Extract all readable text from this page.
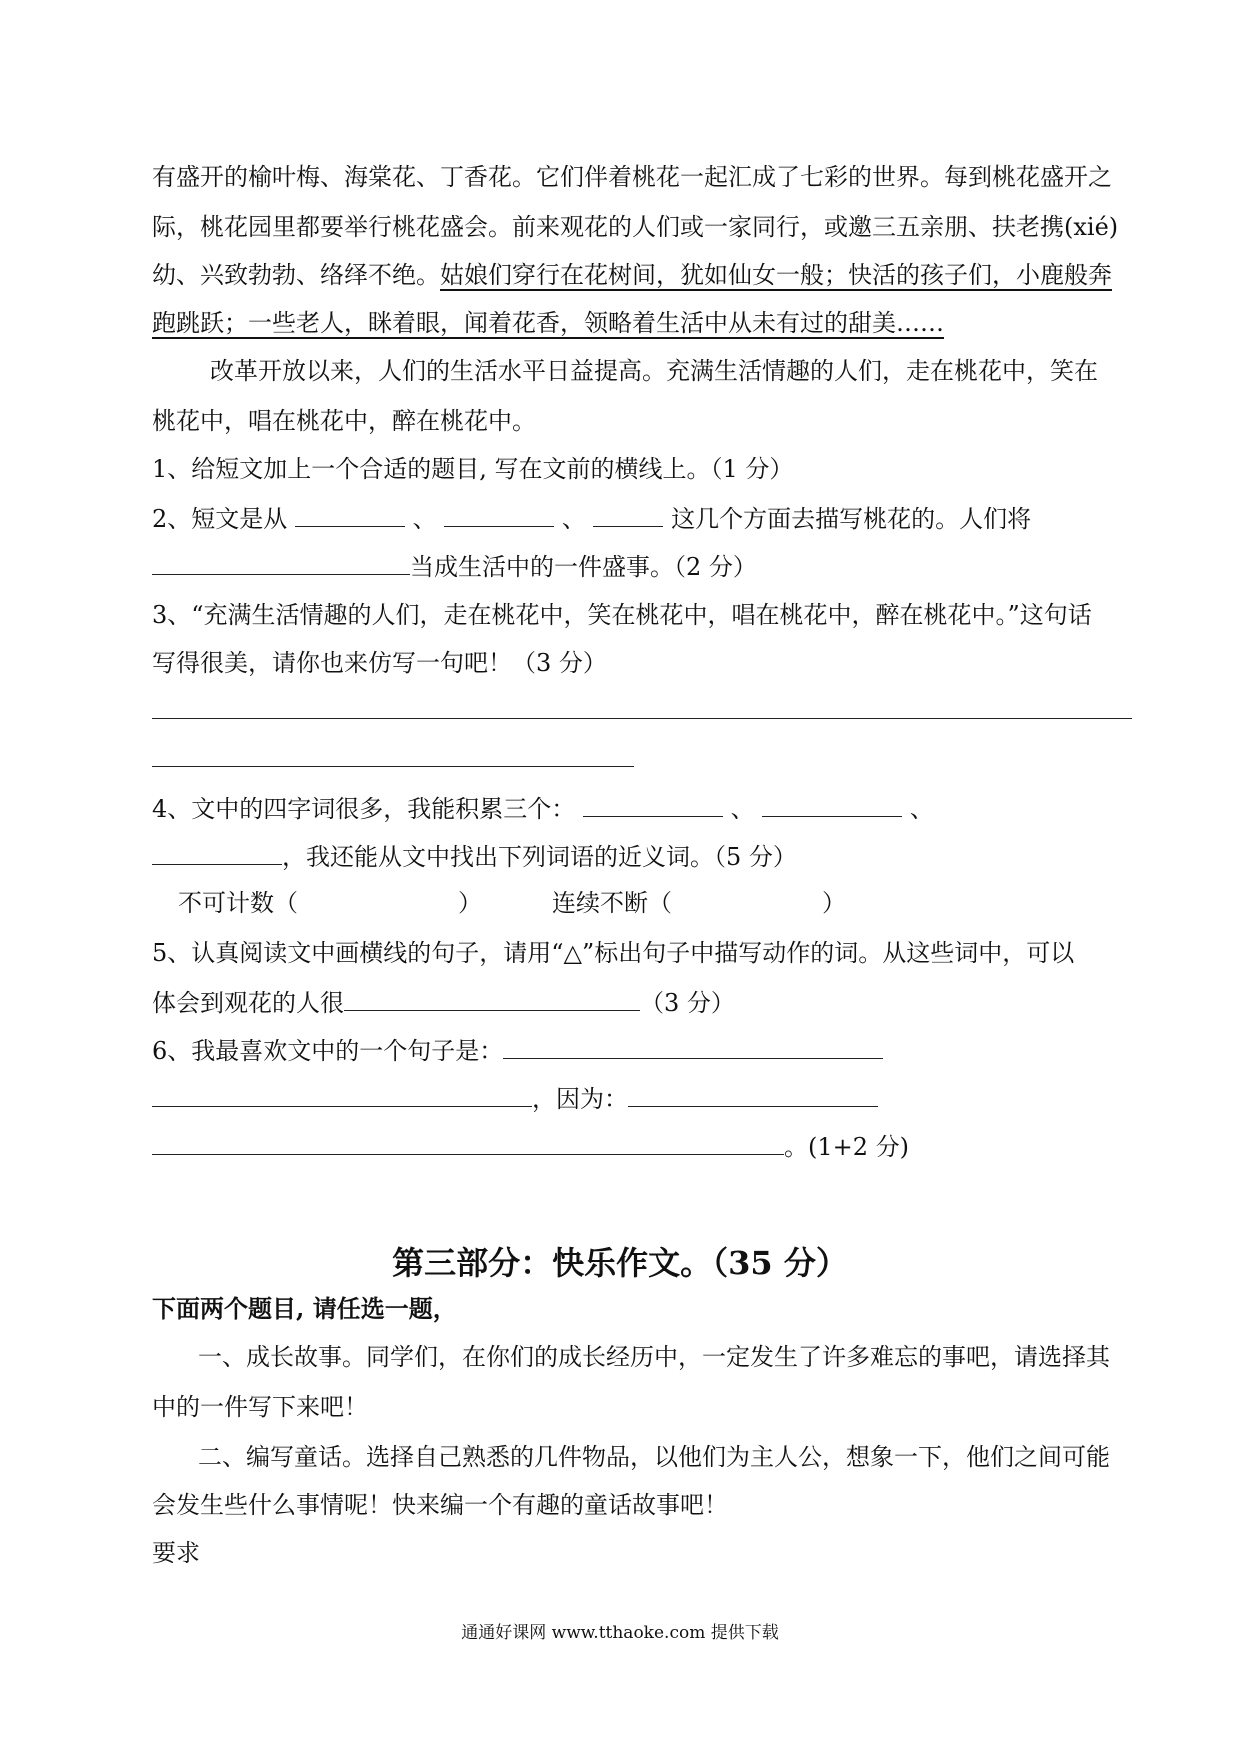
有盛开的榆叶梅、海棠花、丁香花。它们伴着桃花一起汇成了七彩的世界。每到桃花盛开之
际，桃花园里都要举行桃花盛会。前来观花的人们或一家同行，或邀三五亲朋、扶老携(xié)
幼、兴致勃勃、络绎不绝。姑娘们穿行在花树间，犹如仙女一般；快活的孩子们，小鹿般奔
跑跳跃；一些老人，眯着眼，闻着花香，领略着生活中从未有过的甜美……
改革开放以来，人们的生活水平日益提高。充满生活情趣的人们，走在桃花中，笑在
桃花中，唱在桃花中，醉在桃花中。
1、给短文加上一个合适的题目, 写在文前的横线上。（1 分）
2、短文是从	、	、	这几个方面去描写桃花的。人们将
当成生活中的一件盛事。（2 分）
3、“充满生活情趣的人们，走在桃花中，笑在桃花中，唱在桃花中，醉在桃花中。”这句话
写得很美，请你也来仿写一句吧！（3 分）
4、文中的四字词很多，我能积累三个：	、	、
，我还能从文中找出下列词语的近义词。（5 分）
不可计数（	）	连续不断（	）
5、认真阅读文中画横线的句子，请用“△”标出句子中描写动作的词。从这些词中，可以
体会到观花的人很	（3 分）
6、我最喜欢文中的一个句子是：
，因为：
。(1+2 分)
第三部分：快乐作文。（35 分）
下面两个题目, 请任选一题，
一、成长故事。同学们，在你们的成长经历中，一定发生了许多难忘的事吧，请选择其
中的一件写下来吧！
二、编写童话。选择自己熟悉的几件物品，以他们为主人公，想象一下，他们之间可能
会发生些什么事情呢！快来编一个有趣的童话故事吧！
要求
通通好课网 www.tthaoke.com 提供下载
